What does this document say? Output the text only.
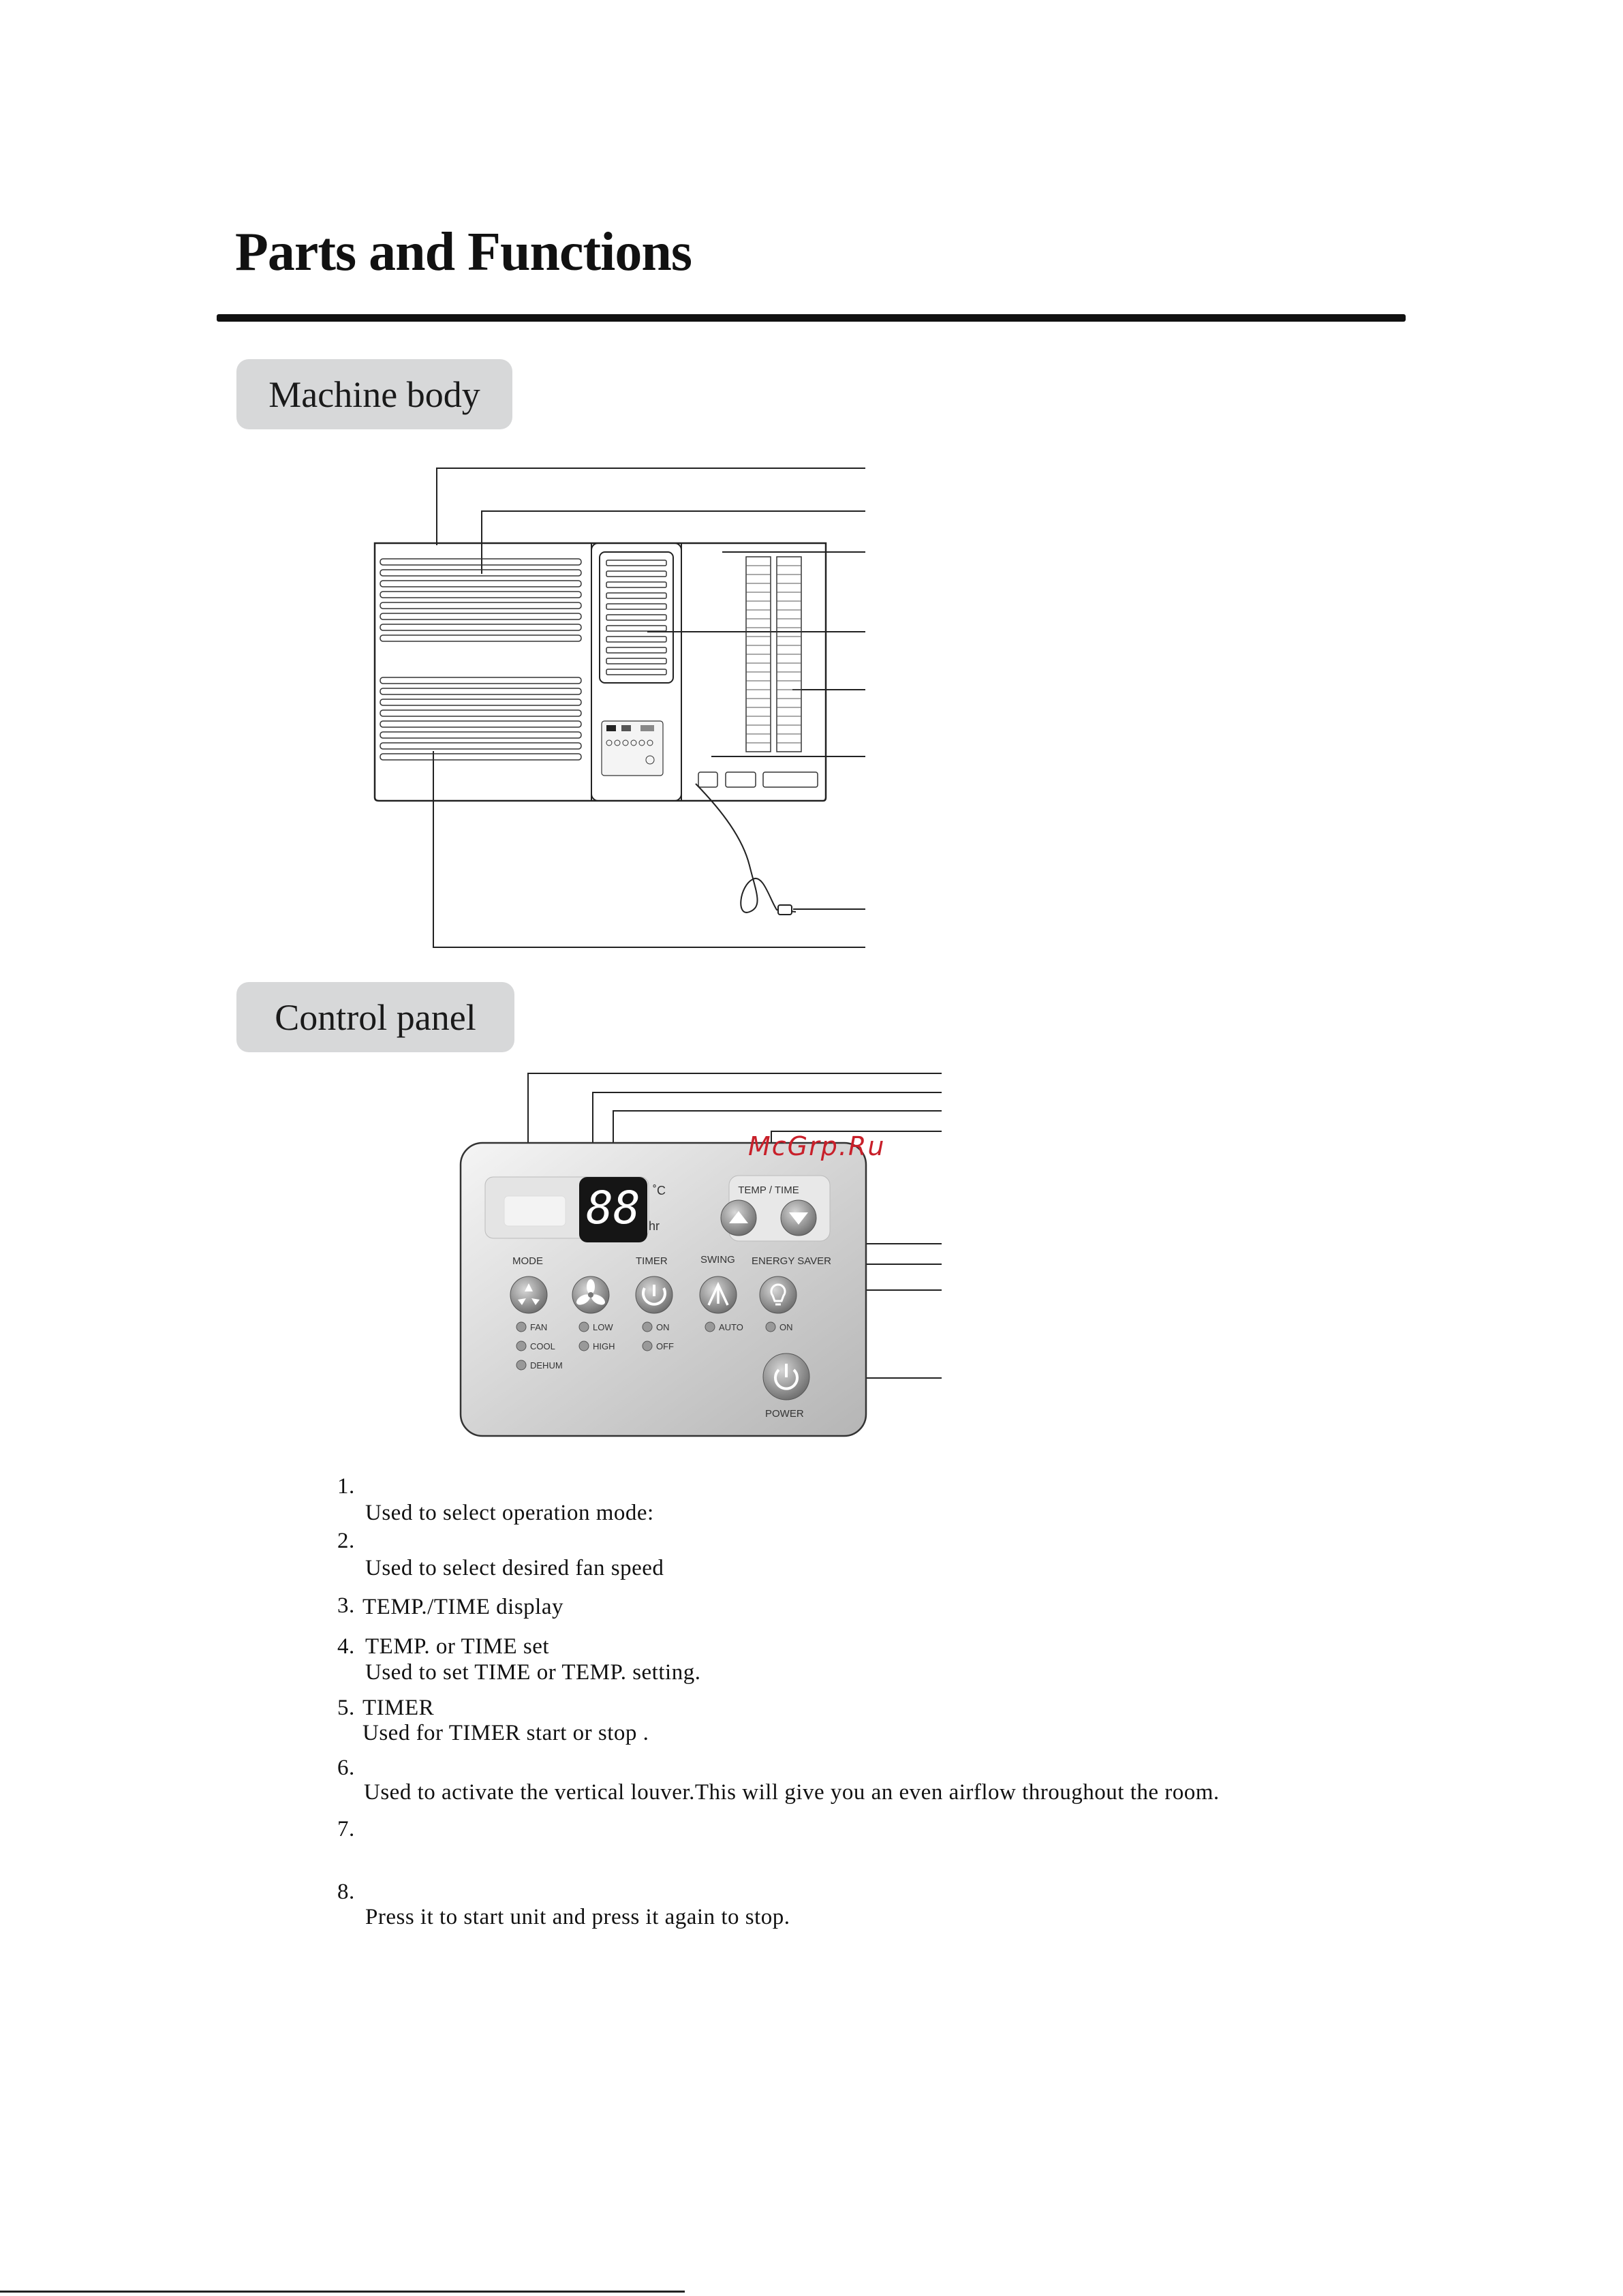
Parts and Functions
Machine body
Control panel
88 ˚C
hr
TEMP / TIME
MODE	TIMER	SWING ENERGY SAVER
POWER
FAN
COOL
DEHUM
LOW
HIGH
ON
OFF
AUTO	ON
McGrp.Ru
1.
Used to select operation mode:
2.
Used to select desired fan speed
3. TEMP./TIME display
4. TEMP. or TIME set
Used to set TIME or TEMP. setting.
5. TIMER
Used for TIMER start or stop .
6.
Used to activate the vertical louver.This will give you an even airflow throughout the room.
7.
8.
Press it to start unit and press it again to stop.
